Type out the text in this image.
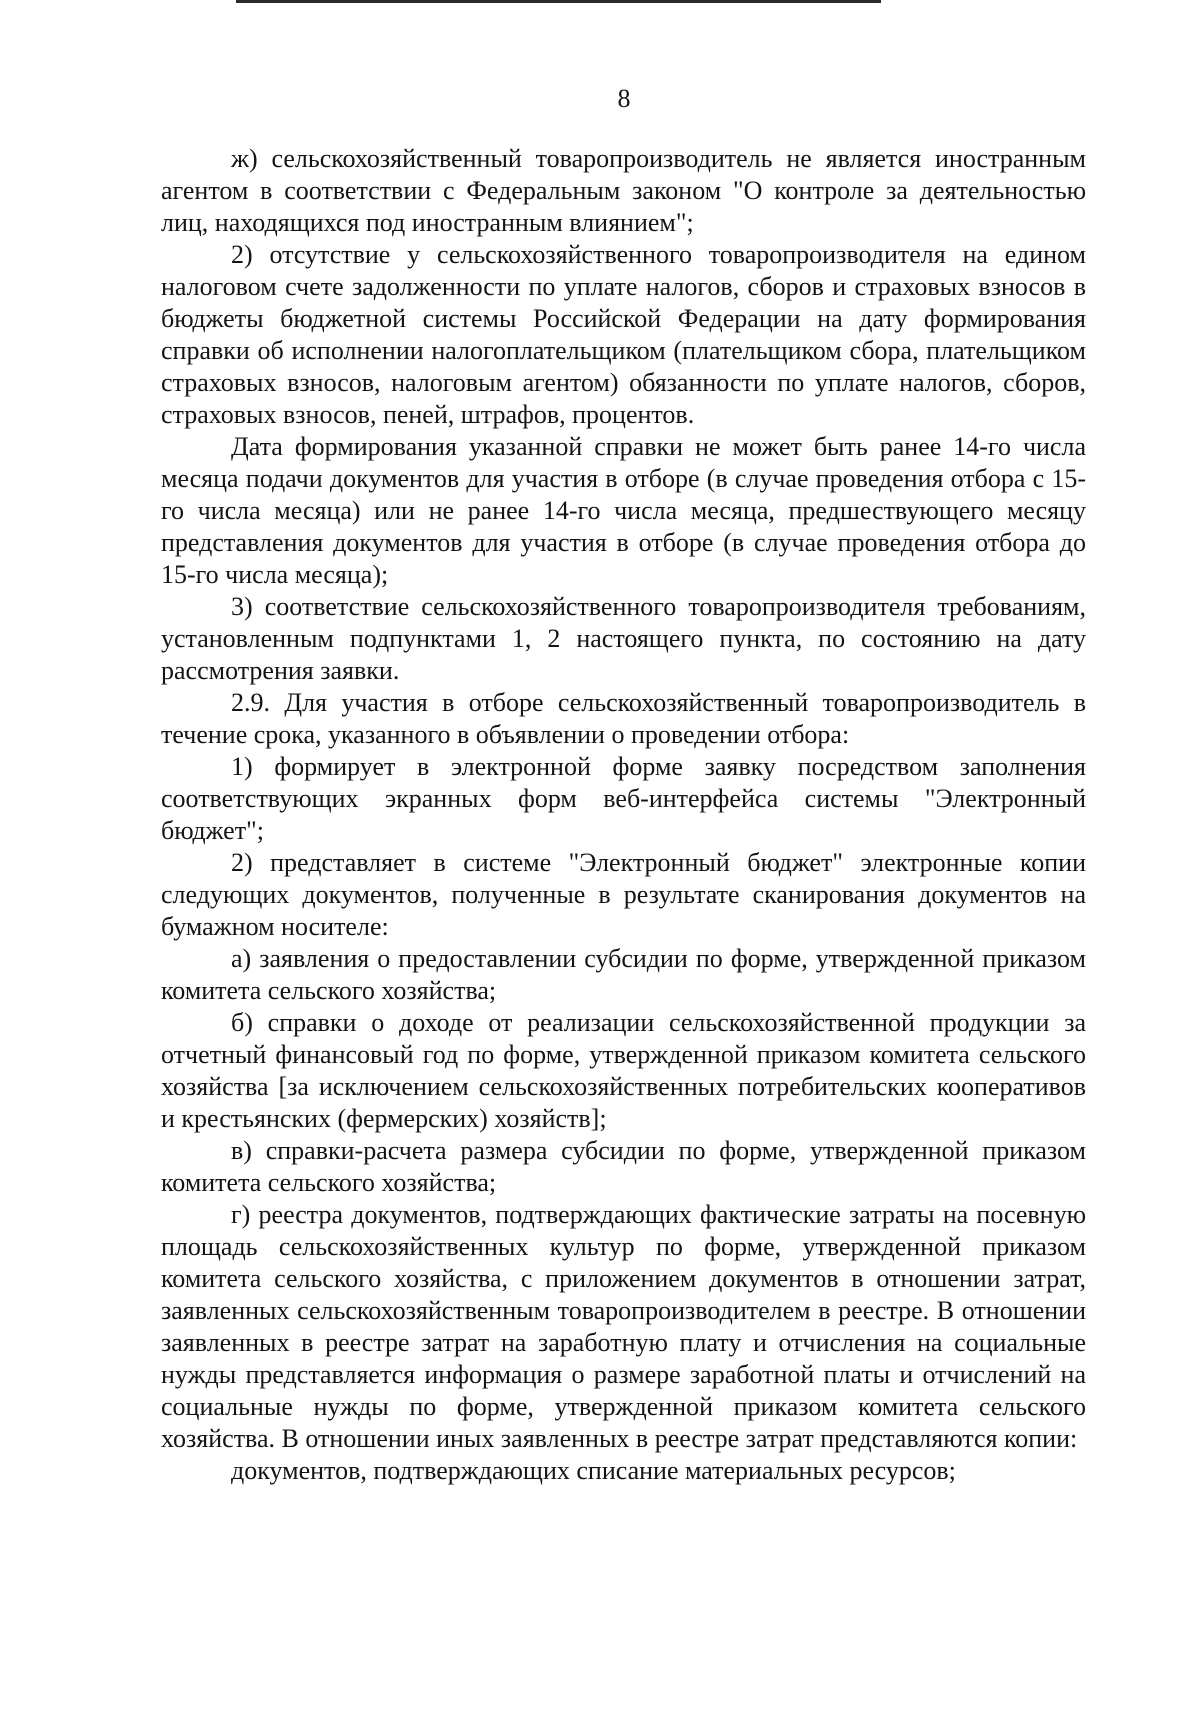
8

ж) сельскохозяйственный товаропроизводитель не является иностранным агентом в соответствии с Федеральным законом "О контроле за деятельностью лиц, находящихся под иностранным влиянием";

2) отсутствие у сельскохозяйственного товаропроизводителя на едином налоговом счете задолженности по уплате налогов, сборов и страховых взносов в бюджеты бюджетной системы Российской Федерации на дату формирования справки об исполнении налогоплательщиком (плательщиком сбора, плательщиком страховых взносов, налоговым агентом) обязанности по уплате налогов, сборов, страховых взносов, пеней, штрафов, процентов.

Дата формирования указанной справки не может быть ранее 14-го числа месяца подачи документов для участия в отборе (в случае проведения отбора с 15-го числа месяца) или не ранее 14-го числа месяца, предшествующего месяцу представления документов для участия в отборе (в случае проведения отбора до 15-го числа месяца);

3) соответствие сельскохозяйственного товаропроизводителя требованиям, установленным подпунктами 1, 2 настоящего пункта, по состоянию на дату рассмотрения заявки.

2.9. Для участия в отборе сельскохозяйственный товаропроизводитель в течение срока, указанного в объявлении о проведении отбора:

1) формирует в электронной форме заявку посредством заполнения соответствующих экранных форм веб-интерфейса системы "Электронный бюджет";

2) представляет в системе "Электронный бюджет" электронные копии следующих документов, полученные в результате сканирования документов на бумажном носителе:

а) заявления о предоставлении субсидии по форме, утвержденной приказом комитета сельского хозяйства;

б) справки о доходе от реализации сельскохозяйственной продукции за отчетный финансовый год по форме, утвержденной приказом комитета сельского хозяйства [за исключением сельскохозяйственных потребительских кооперативов и крестьянских (фермерских) хозяйств];

в) справки-расчета размера субсидии по форме, утвержденной приказом комитета сельского хозяйства;

г) реестра документов, подтверждающих фактические затраты на посевную площадь сельскохозяйственных культур по форме, утвержденной приказом комитета сельского хозяйства, с приложением документов в отношении затрат, заявленных сельскохозяйственным товаропроизводителем в реестре. В отношении заявленных в реестре затрат на заработную плату и отчисления на социальные нужды представляется информация о размере заработной платы и отчислений на социальные нужды по форме, утвержденной приказом комитета сельского хозяйства. В отношении иных заявленных в реестре затрат представляются копии:

документов, подтверждающих списание материальных ресурсов;
